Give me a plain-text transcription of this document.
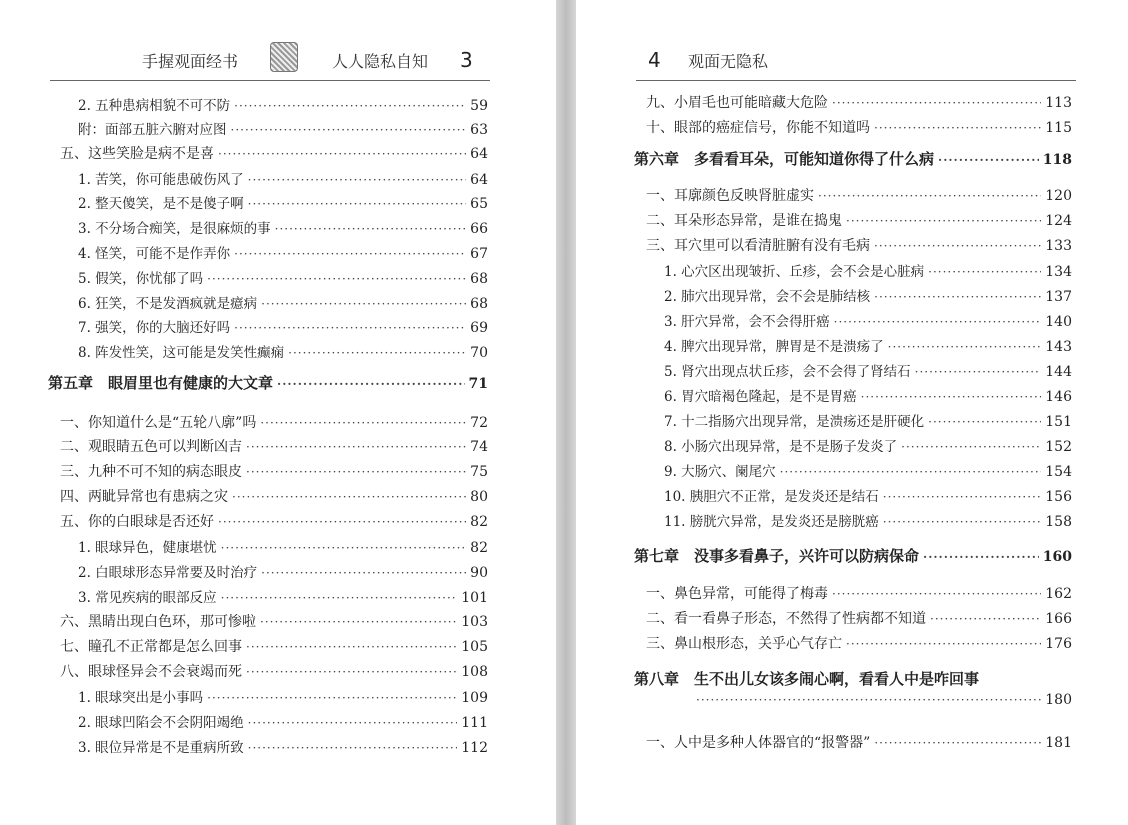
手握观面经书	人人隐私自知 3
2. 五种患病相貌不可不防 ·····	59
附：面部五脏六腑对应图 ·····	63
五、这些笑脸是病不是喜 ·····	64
1. 苦笑，你可能患破伤风了 ·····	64
2. 整天傻笑，是不是傻子啊 ·····	65
3. 不分场合痴笑，是很麻烦的事 ·····	66
4. 怪笑，可能不是作弄你 ·····	67
5. 假笑，你忧郁了吗 ·····	68
6. 狂笑，不是发酒疯就是癔病 ·····	68
7. 强笑，你的大脑还好吗 ·····	69
8. 阵发性笑，这可能是发笑性癫痫 ·····	70
第五章　眼眉里也有健康的大文章 ·····	71
一、你知道什么是“五轮八廓”吗 ·····	72
二、观眼睛五色可以判断凶吉 ·····	74
三、九种不可不知的病态眼皮 ·····	75
四、两眦异常也有患病之灾 ·····	80
五、你的白眼球是否还好 ·····	82
1. 眼球异色，健康堪忧 ·····	82
2. 白眼球形态异常要及时治疗 ·····	90
3. 常见疾病的眼部反应 ·····	101
六、黑睛出现白色环，那可惨啦 ·····	103
七、瞳孔不正常都是怎么回事 ·····	105
八、眼球怪异会不会衰竭而死 ·····	108
1. 眼球突出是小事吗 ·····	109
2. 眼球凹陷会不会阴阳竭绝 ·····	111
3. 眼位异常是不是重病所致 ·····	112
4 观面无隐私
九、小眉毛也可能暗藏大危险 ·····	113
十、眼部的癌症信号，你能不知道吗 ·····	115
第六章　多看看耳朵，可能知道你得了什么病 ·····	118
一、耳廓颜色反映肾脏虚实 ·····	120
二、耳朵形态异常，是谁在捣鬼 ·····	124
三、耳穴里可以看清脏腑有没有毛病 ·····	133
1. 心穴区出现皱折、丘疹，会不会是心脏病 ·····	134
2. 肺穴出现异常，会不会是肺结核 ·····	137
3. 肝穴异常，会不会得肝癌 ·····	140
4. 脾穴出现异常，脾胃是不是溃疡了 ·····	143
5. 肾穴出现点状丘疹，会不会得了肾结石 ·····	144
6. 胃穴暗褐色隆起，是不是胃癌 ·····	146
7. 十二指肠穴出现异常，是溃疡还是肝硬化 ·····	151
8. 小肠穴出现异常，是不是肠子发炎了 ·····	152
9. 大肠穴、阑尾穴 ·····	154
10. 胰胆穴不正常，是发炎还是结石 ·····	156
11. 膀胱穴异常，是发炎还是膀胱癌 ·····	158
第七章　没事多看鼻子，兴许可以防病保命 ·····	160
一、鼻色异常，可能得了梅毒 ·····	162
二、看一看鼻子形态，不然得了性病都不知道 ·····	166
三、鼻山根形态，关乎心气存亡 ·····	176
第八章　生不出儿女该多闹心啊，看看人中是咋回事
·····
180
一、人中是多种人体器官的“报警器” ·····	181
